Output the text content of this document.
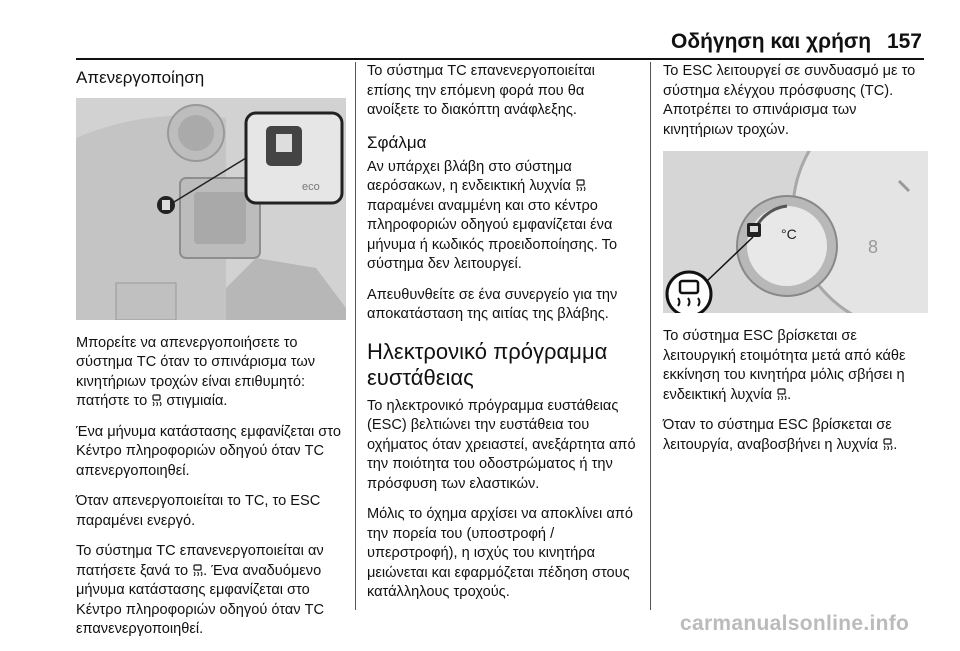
Οδήγηση και χρήση 157
Απενεργοποίηση
eco

Μπορείτε να απενεργοποιήσετε το σύστημα TC όταν το σπινάρισμα των κινητήριων τροχών είναι επιθυμητό: πατήστε το στιγμιαία.

Ένα μήνυμα κατάστασης εμφανίζεται στο Κέντρο πληροφοριών οδηγού όταν TC απενεργοποιηθεί.

Όταν απενεργοποιείται το TC, το ESC παραμένει ενεργό.

Το σύστημα TC επανενεργοποιείται αν πατήσετε ξανά το . Ένα αναδυόμενο μήνυμα κατάστασης εμφανίζεται στο Κέντρο πληροφοριών οδηγού όταν TC επανενεργοποιηθεί.

Το σύστημα TC επανενεργοποιείται επίσης την επόμενη φορά που θα ανοίξετε το διακόπτη ανάφλεξης.

Σφάλμα

Αν υπάρχει βλάβη στο σύστημα αερόσακων, η ενδεικτική λυχνία  παραμένει αναμμένη και στο κέντρο πληροφοριών οδηγού εμφανίζεται ένα μήνυμα ή κωδικός προειδοποίησης. Το σύστημα δεν λειτουργεί.

Απευθυνθείτε σε ένα συνεργείο για την αποκατάσταση της αιτίας της βλάβης.

Ηλεκτρονικό πρόγραμμα ευστάθειας

Το ηλεκτρονικό πρόγραμμα ευστάθειας (ESC) βελτιώνει την ευστάθεια του οχήματος όταν χρειαστεί, ανεξάρτητα από την ποιότητα του οδοστρώματος ή την πρόσφυση των ελαστικών.

Μόλις το όχημα αρχίσει να αποκλίνει από την πορεία του (υποστροφή / υπερστροφή), η ισχύς του κινητήρα μειώνεται και εφαρμόζεται πέδηση στους κατάλληλους τροχούς.

Το ESC λειτουργεί σε συνδυασμό με το σύστημα ελέγχου πρόσφυσης (TC). Αποτρέπει το σπινάρισμα των κινητήριων τροχών.

8
°C

Το σύστημα ESC βρίσκεται σε λειτουργική ετοιμότητα μετά από κάθε εκκίνηση του κινητήρα μόλις σβήσει η ενδεικτική λυχνία .

Όταν το σύστημα ESC βρίσκεται σε λειτουργία, αναβοσβήνει η λυχνία .

carmanualsonline.info
